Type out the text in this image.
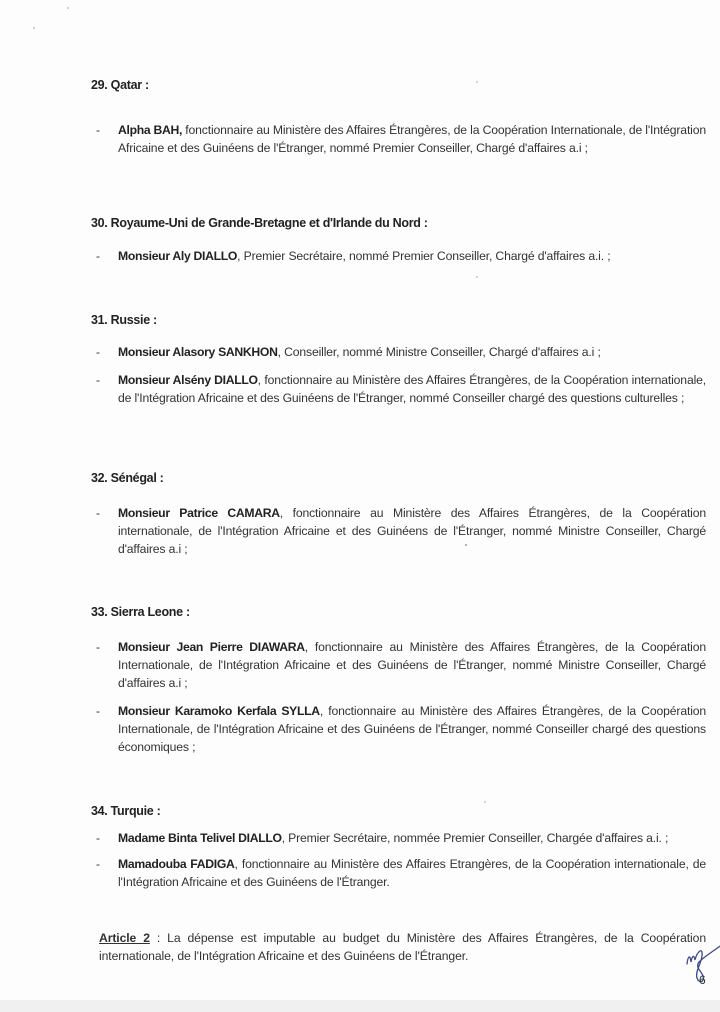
29. Qatar :
- Alpha BAH, fonctionnaire au Ministère des Affaires Étrangères, de la Coopération Internationale, de l'Intégration Africaine et des Guinéens de l'Étranger, nommé Premier Conseiller, Chargé d'affaires a.i ;
30. Royaume-Uni de Grande-Bretagne et d'Irlande du Nord :
- Monsieur Aly DIALLO, Premier Secrétaire, nommé Premier Conseiller, Chargé d'affaires a.i. ;
31. Russie :
- Monsieur Alasory SANKHON, Conseiller, nommé Ministre Conseiller, Chargé d'affaires a.i ;
- Monsieur Alsény DIALLO, fonctionnaire au Ministère des Affaires Étrangères, de la Coopération internationale, de l'Intégration Africaine et des Guinéens de l'Étranger, nommé Conseiller chargé des questions culturelles ;
32. Sénégal :
- Monsieur Patrice CAMARA, fonctionnaire au Ministère des Affaires Étrangères, de la Coopération internationale, de l'Intégration Africaine et des Guinéens de l'Étranger, nommé Ministre Conseiller, Chargé d'affaires a.i ;
33. Sierra Leone :
- Monsieur Jean Pierre DIAWARA, fonctionnaire au Ministère des Affaires Étrangères, de la Coopération Internationale, de l'Intégration Africaine et des Guinéens de l'Étranger, nommé Ministre Conseiller, Chargé d'affaires a.i ;
- Monsieur Karamoko Kerfala SYLLA, fonctionnaire au Ministère des Affaires Étrangères, de la Coopération Internationale, de l'Intégration Africaine et des Guinéens de l'Étranger, nommé Conseiller chargé des questions économiques ;
34. Turquie :
- Madame Binta Telivel DIALLO, Premier Secrétaire, nommée Premier Conseiller, Chargée d'affaires a.i. ;
- Mamadouba FADIGA, fonctionnaire au Ministère des Affaires Etrangères, de la Coopération internationale, de l'Intégration Africaine et des Guinéens de l'Étranger.
Article 2 : La dépense est imputable au budget du Ministère des Affaires Étrangères, de la Coopération internationale, de l'Intégration Africaine et des Guinéens de l'Étranger.
6
